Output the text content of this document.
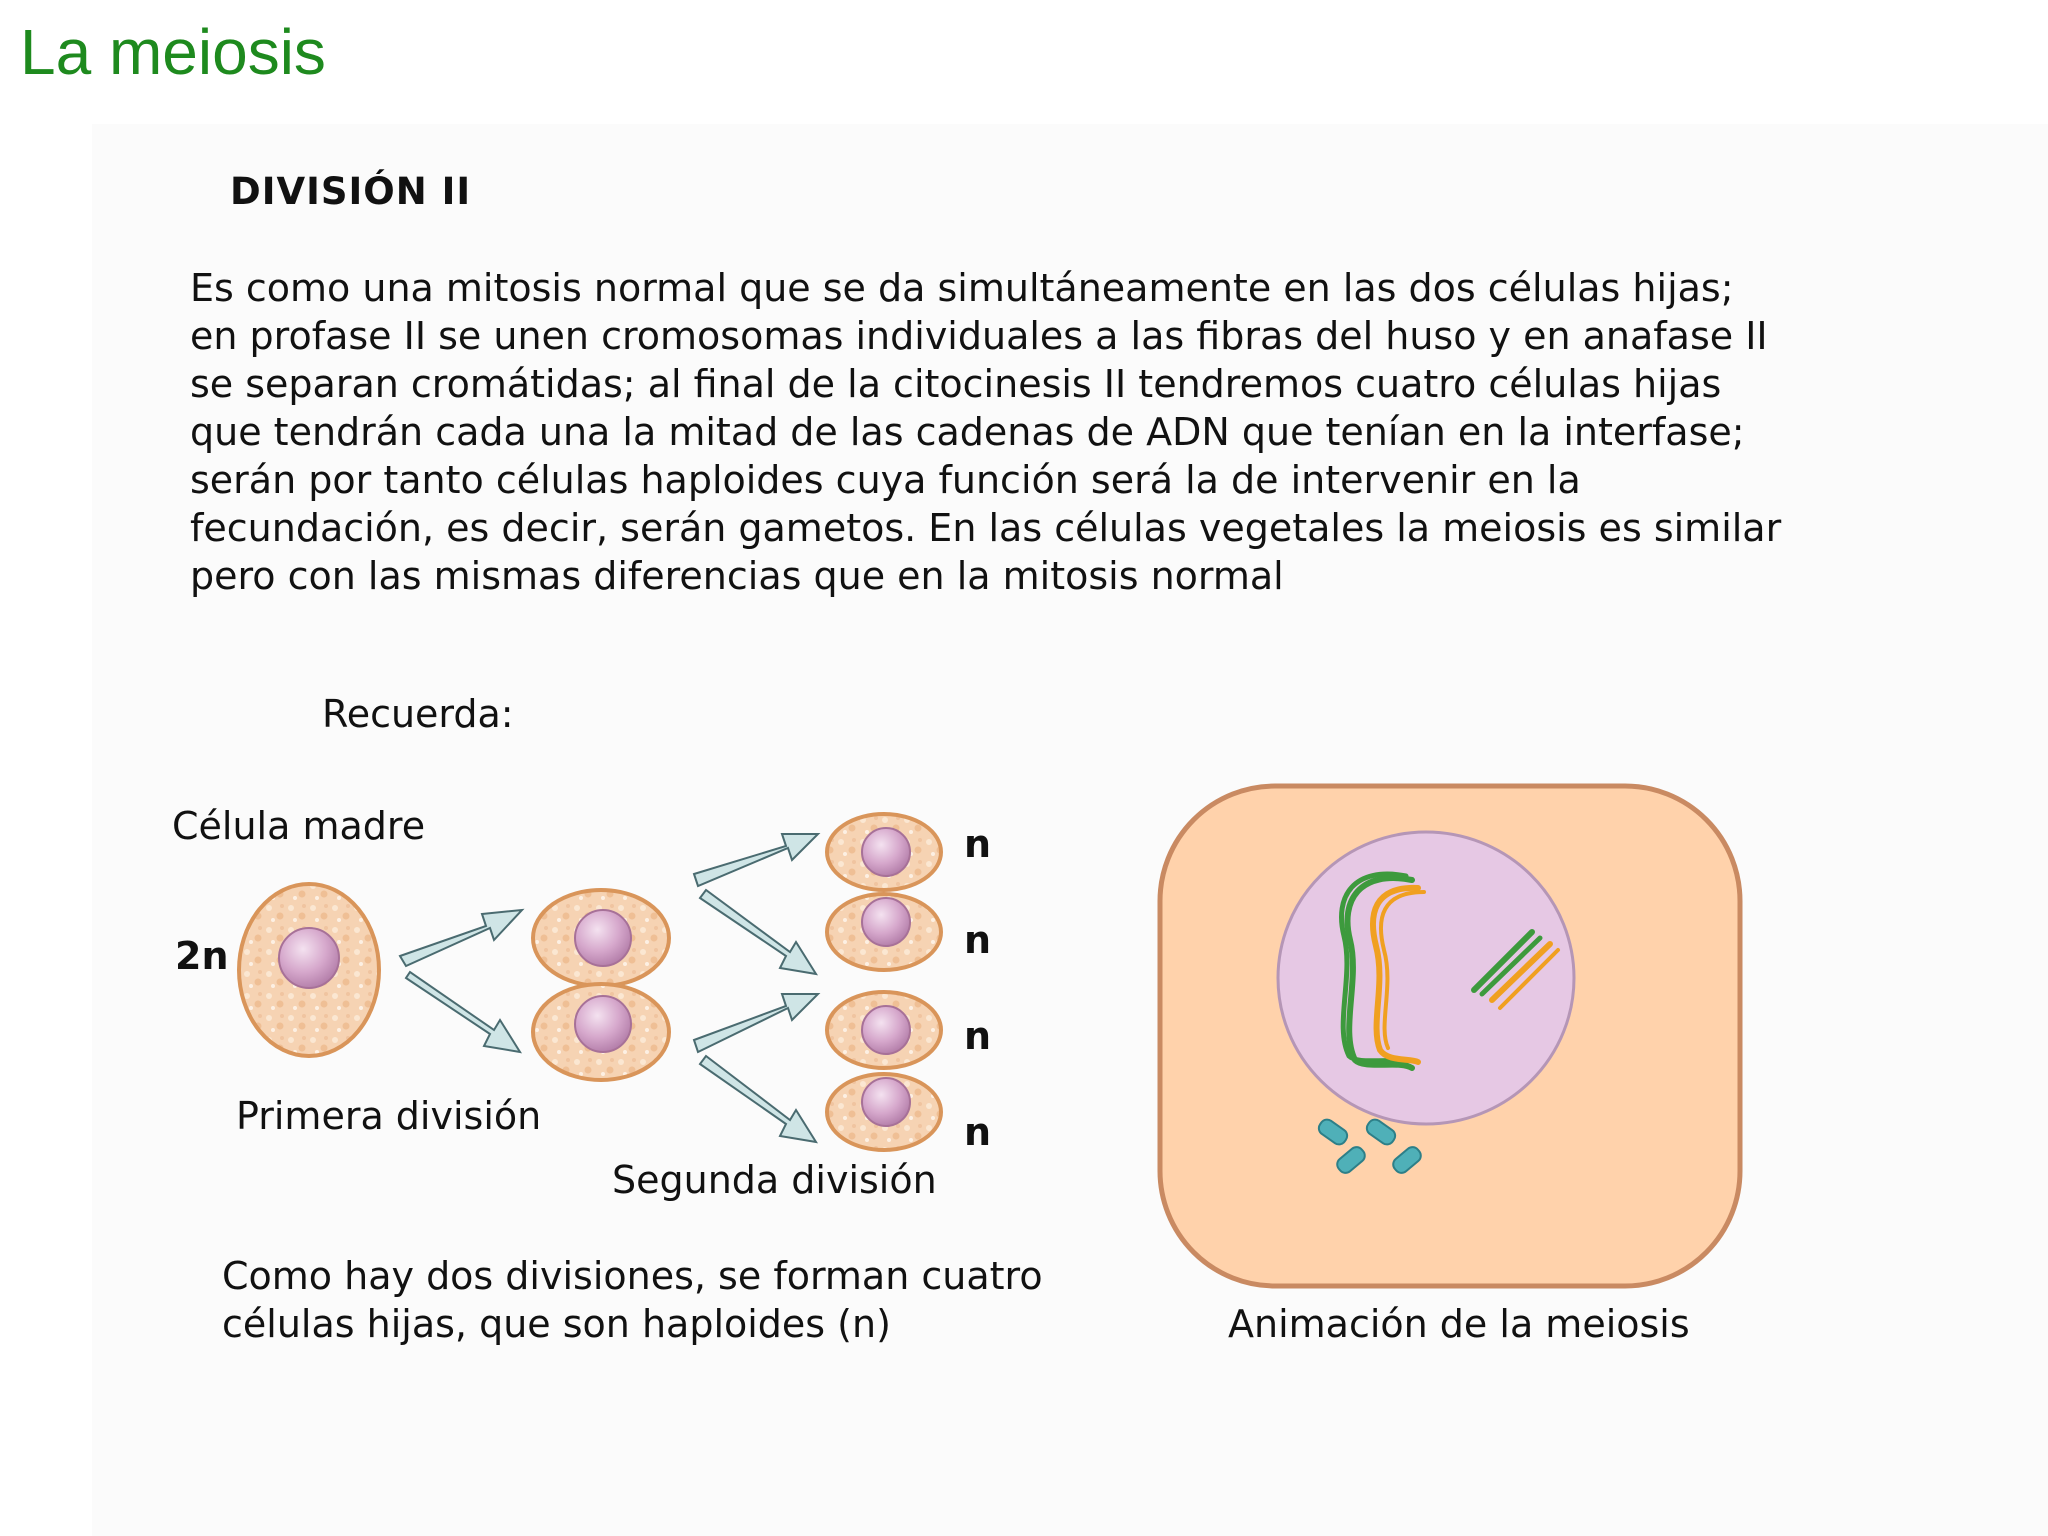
La meiosis
DIVISIÓN II
Es como una mitosis normal que se da simultáneamente en las dos células hijas; en profase II se unen cromosomas individuales a las fibras del huso y en anafase II se separan cromátidas; al final de la citocinesis II tendremos cuatro células hijas que tendrán cada una la mitad de las cadenas de ADN que tenían en la interfase; serán por tanto células haploides cuya función será la de intervenir en la fecundación, es decir, serán gametos. En las células vegetales la meiosis es similar pero con las mismas diferencias que en la mitosis normal
Recuerda:
Célula madre
2n
n
n
n
n
Primera división
Segunda división
Como hay dos divisiones, se forman cuatro
células hijas, que son haploides (n)	Animación de la meiosis
